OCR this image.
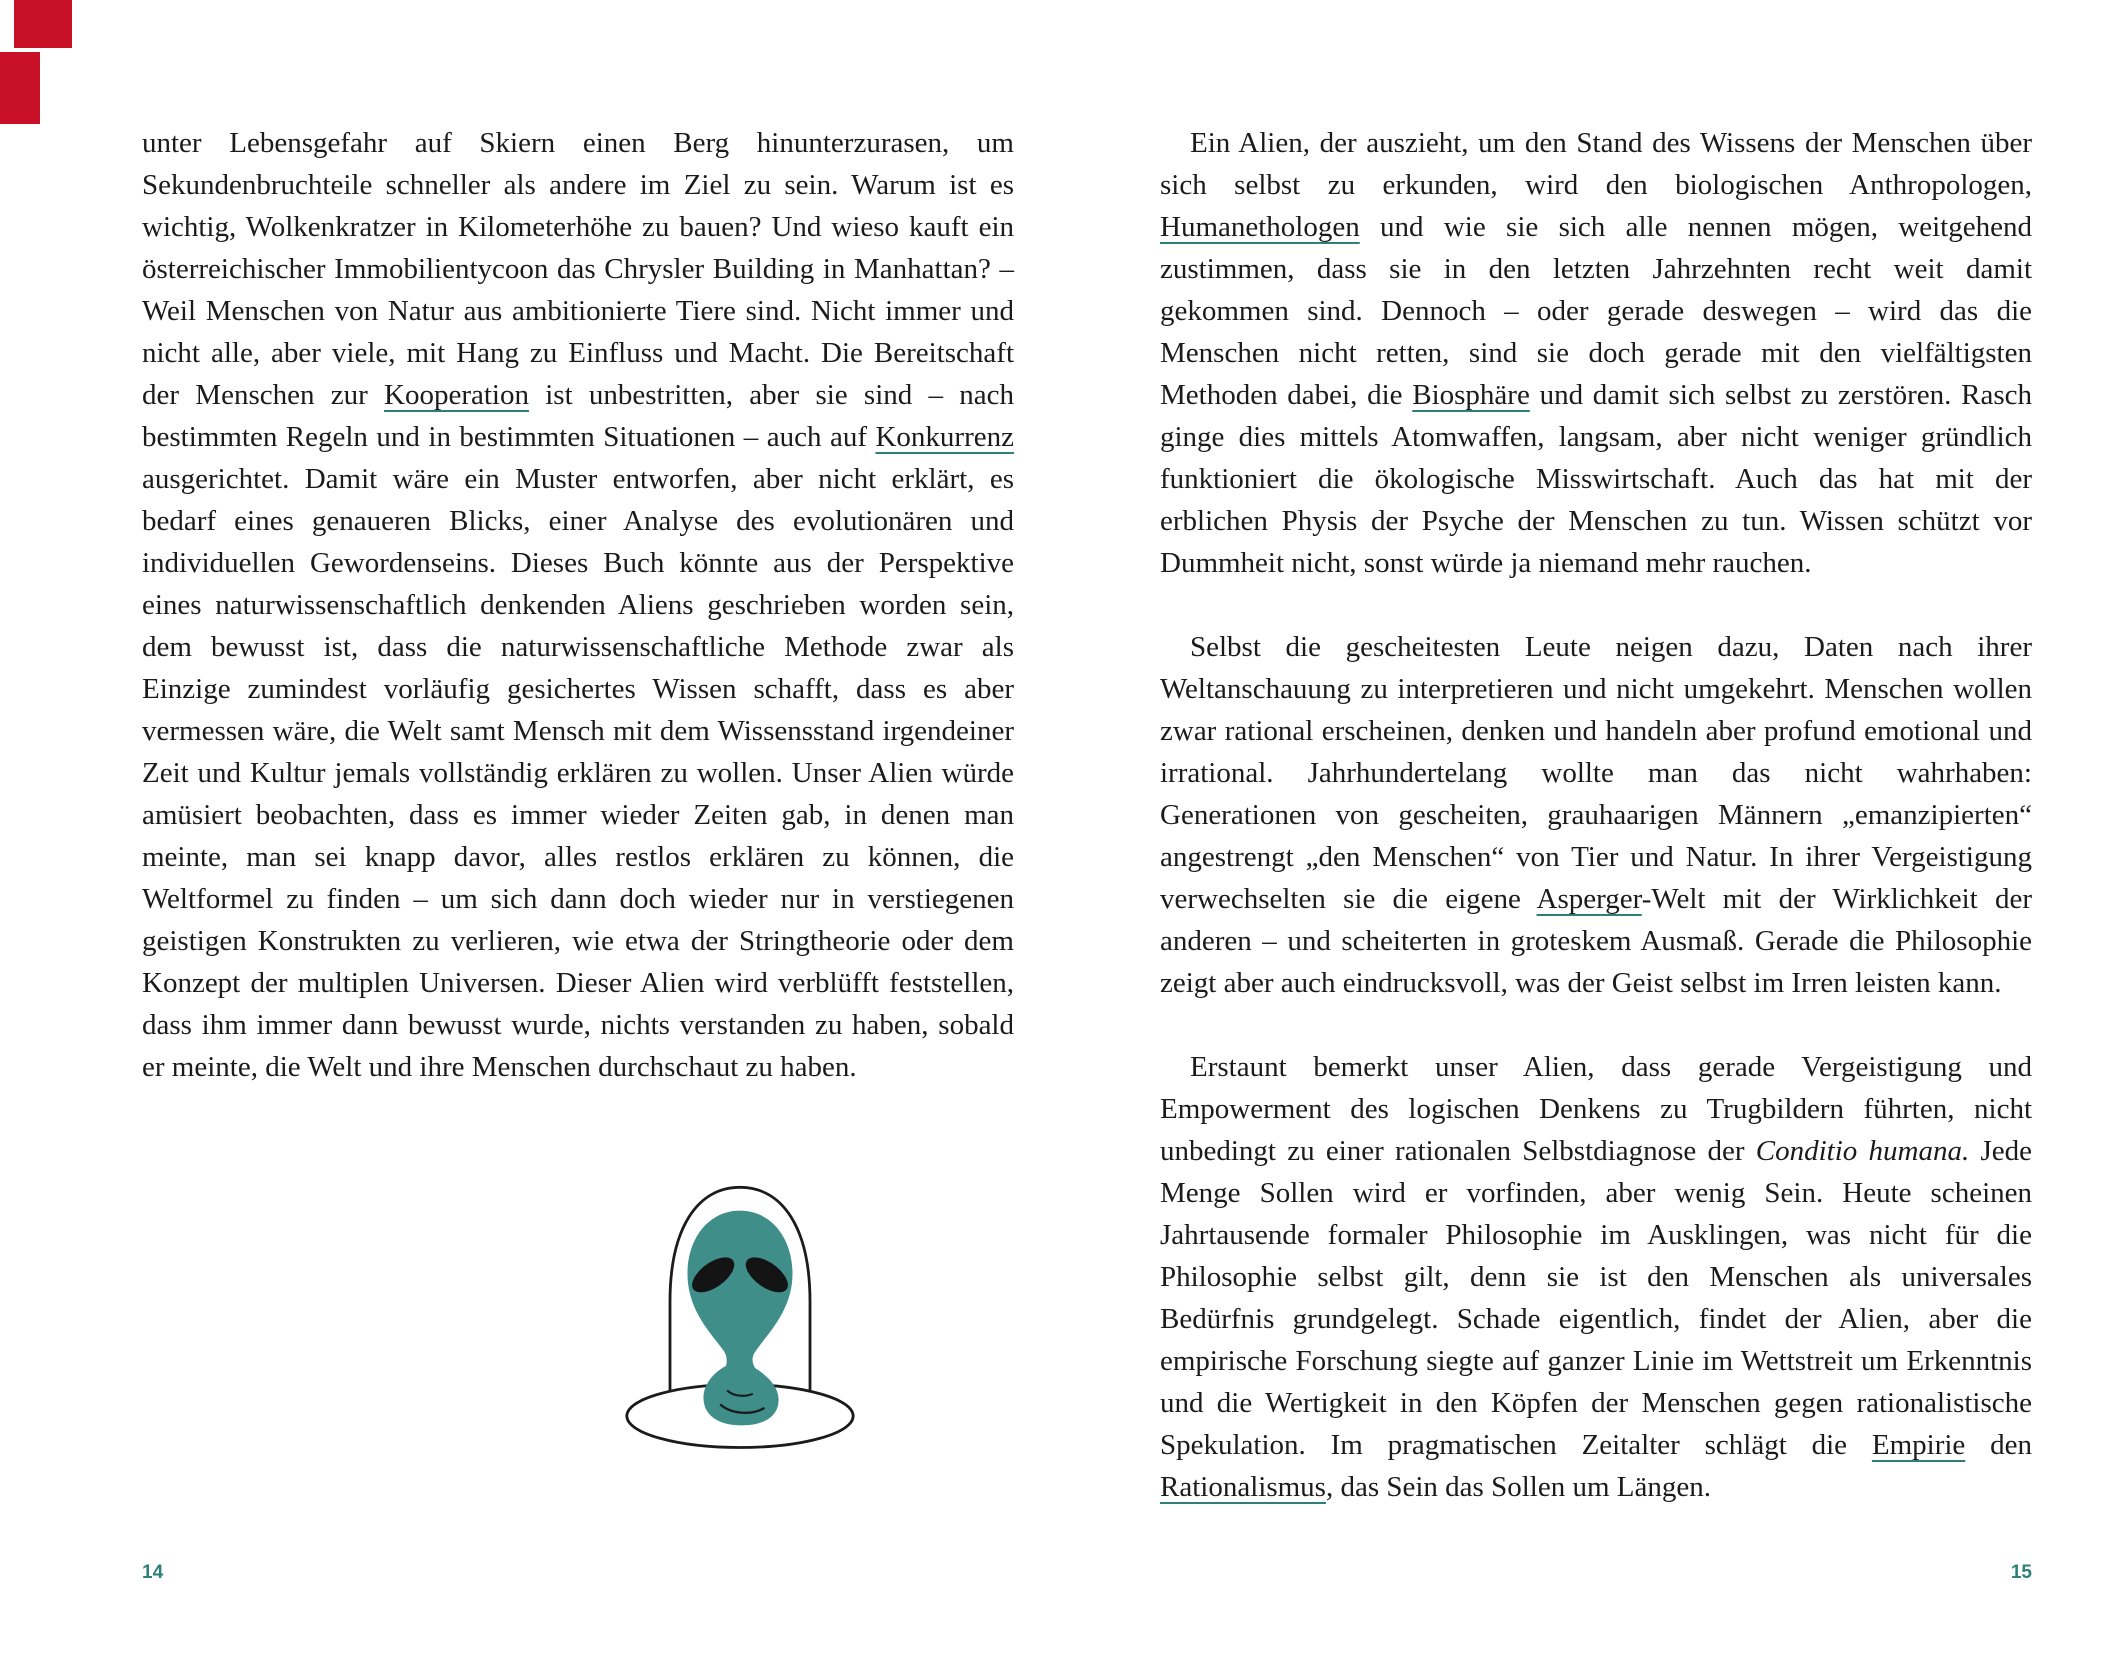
unter Lebensgefahr auf Skiern einen Berg hinunterzurasen, um Sekundenbruchteile schneller als andere im Ziel zu sein. Warum ist es wichtig, Wolkenkratzer in Kilometerhöhe zu bauen? Und wieso kauft ein österreichischer Immobilientycoon das Chrysler Building in Manhattan? – Weil Menschen von Natur aus ambitionierte Tiere sind. Nicht immer und nicht alle, aber viele, mit Hang zu Einfluss und Macht. Die Bereitschaft der Menschen zur Kooperation ist unbestritten, aber sie sind – nach bestimmten Regeln und in bestimmten Situationen – auch auf Konkurrenz ausgerichtet. Damit wäre ein Muster entworfen, aber nicht erklärt, es bedarf eines genaueren Blicks, einer Analyse des evolutionären und individuellen Gewordenseins. Dieses Buch könnte aus der Perspektive eines naturwissenschaftlich denkenden Aliens geschrieben worden sein, dem bewusst ist, dass die naturwissenschaftliche Methode zwar als Einzige zumindest vorläufig gesichertes Wissen schafft, dass es aber vermessen wäre, die Welt samt Mensch mit dem Wissensstand irgendeiner Zeit und Kultur jemals vollständig erklären zu wollen. Unser Alien würde amüsiert beobachten, dass es immer wieder Zeiten gab, in denen man meinte, man sei knapp davor, alles restlos erklären zu können, die Weltformel zu finden – um sich dann doch wieder nur in verstiegenen geistigen Konstrukten zu verlieren, wie etwa der Stringtheorie oder dem Konzept der multiplen Universen. Dieser Alien wird verblüfft feststellen, dass ihm immer dann bewusst wurde, nichts verstanden zu haben, sobald er meinte, die Welt und ihre Menschen durchschaut zu haben.

Ein Alien, der auszieht, um den Stand des Wissens der Menschen über sich selbst zu erkunden, wird den biologischen Anthropologen, Humanethologen und wie sie sich alle nennen mögen, weitgehend zustimmen, dass sie in den letzten Jahrzehnten recht weit damit gekommen sind. Dennoch – oder gerade deswegen – wird das die Menschen nicht retten, sind sie doch gerade mit den vielfältigsten Methoden dabei, die Biosphäre und damit sich selbst zu zerstören. Rasch ginge dies mittels Atomwaffen, langsam, aber nicht weniger gründlich funktioniert die ökologische Misswirtschaft. Auch das hat mit der erblichen Physis der Psyche der Menschen zu tun. Wissen schützt vor Dummheit nicht, sonst würde ja niemand mehr rauchen.

Selbst die gescheitesten Leute neigen dazu, Daten nach ihrer Weltanschauung zu interpretieren und nicht umgekehrt. Menschen wollen zwar rational erscheinen, denken und handeln aber profund emotional und irrational. Jahrhundertelang wollte man das nicht wahrhaben: Generationen von gescheiten, grauhaarigen Männern „emanzipierten“ angestrengt „den Menschen“ von Tier und Natur. In ihrer Vergeistigung verwechselten sie die eigene Asperger-Welt mit der Wirklichkeit der anderen – und scheiterten in groteskem Ausmaß. Gerade die Philosophie zeigt aber auch eindrucksvoll, was der Geist selbst im Irren leisten kann.

Erstaunt bemerkt unser Alien, dass gerade Vergeistigung und Empowerment des logischen Denkens zu Trugbildern führten, nicht unbedingt zu einer rationalen Selbstdiagnose der Conditio humana. Jede Menge Sollen wird er vorfinden, aber wenig Sein. Heute scheinen Jahrtausende formaler Philosophie im Ausklingen, was nicht für die Philosophie selbst gilt, denn sie ist den Menschen als universales Bedürfnis grundgelegt. Schade eigentlich, findet der Alien, aber die empirische Forschung siegte auf ganzer Linie im Wettstreit um Erkenntnis und die Wertigkeit in den Köpfen der Menschen gegen rationalistische Spekulation. Im pragmatischen Zeitalter schlägt die Empirie den Rationalismus, das Sein das Sollen um Längen.

14	15
